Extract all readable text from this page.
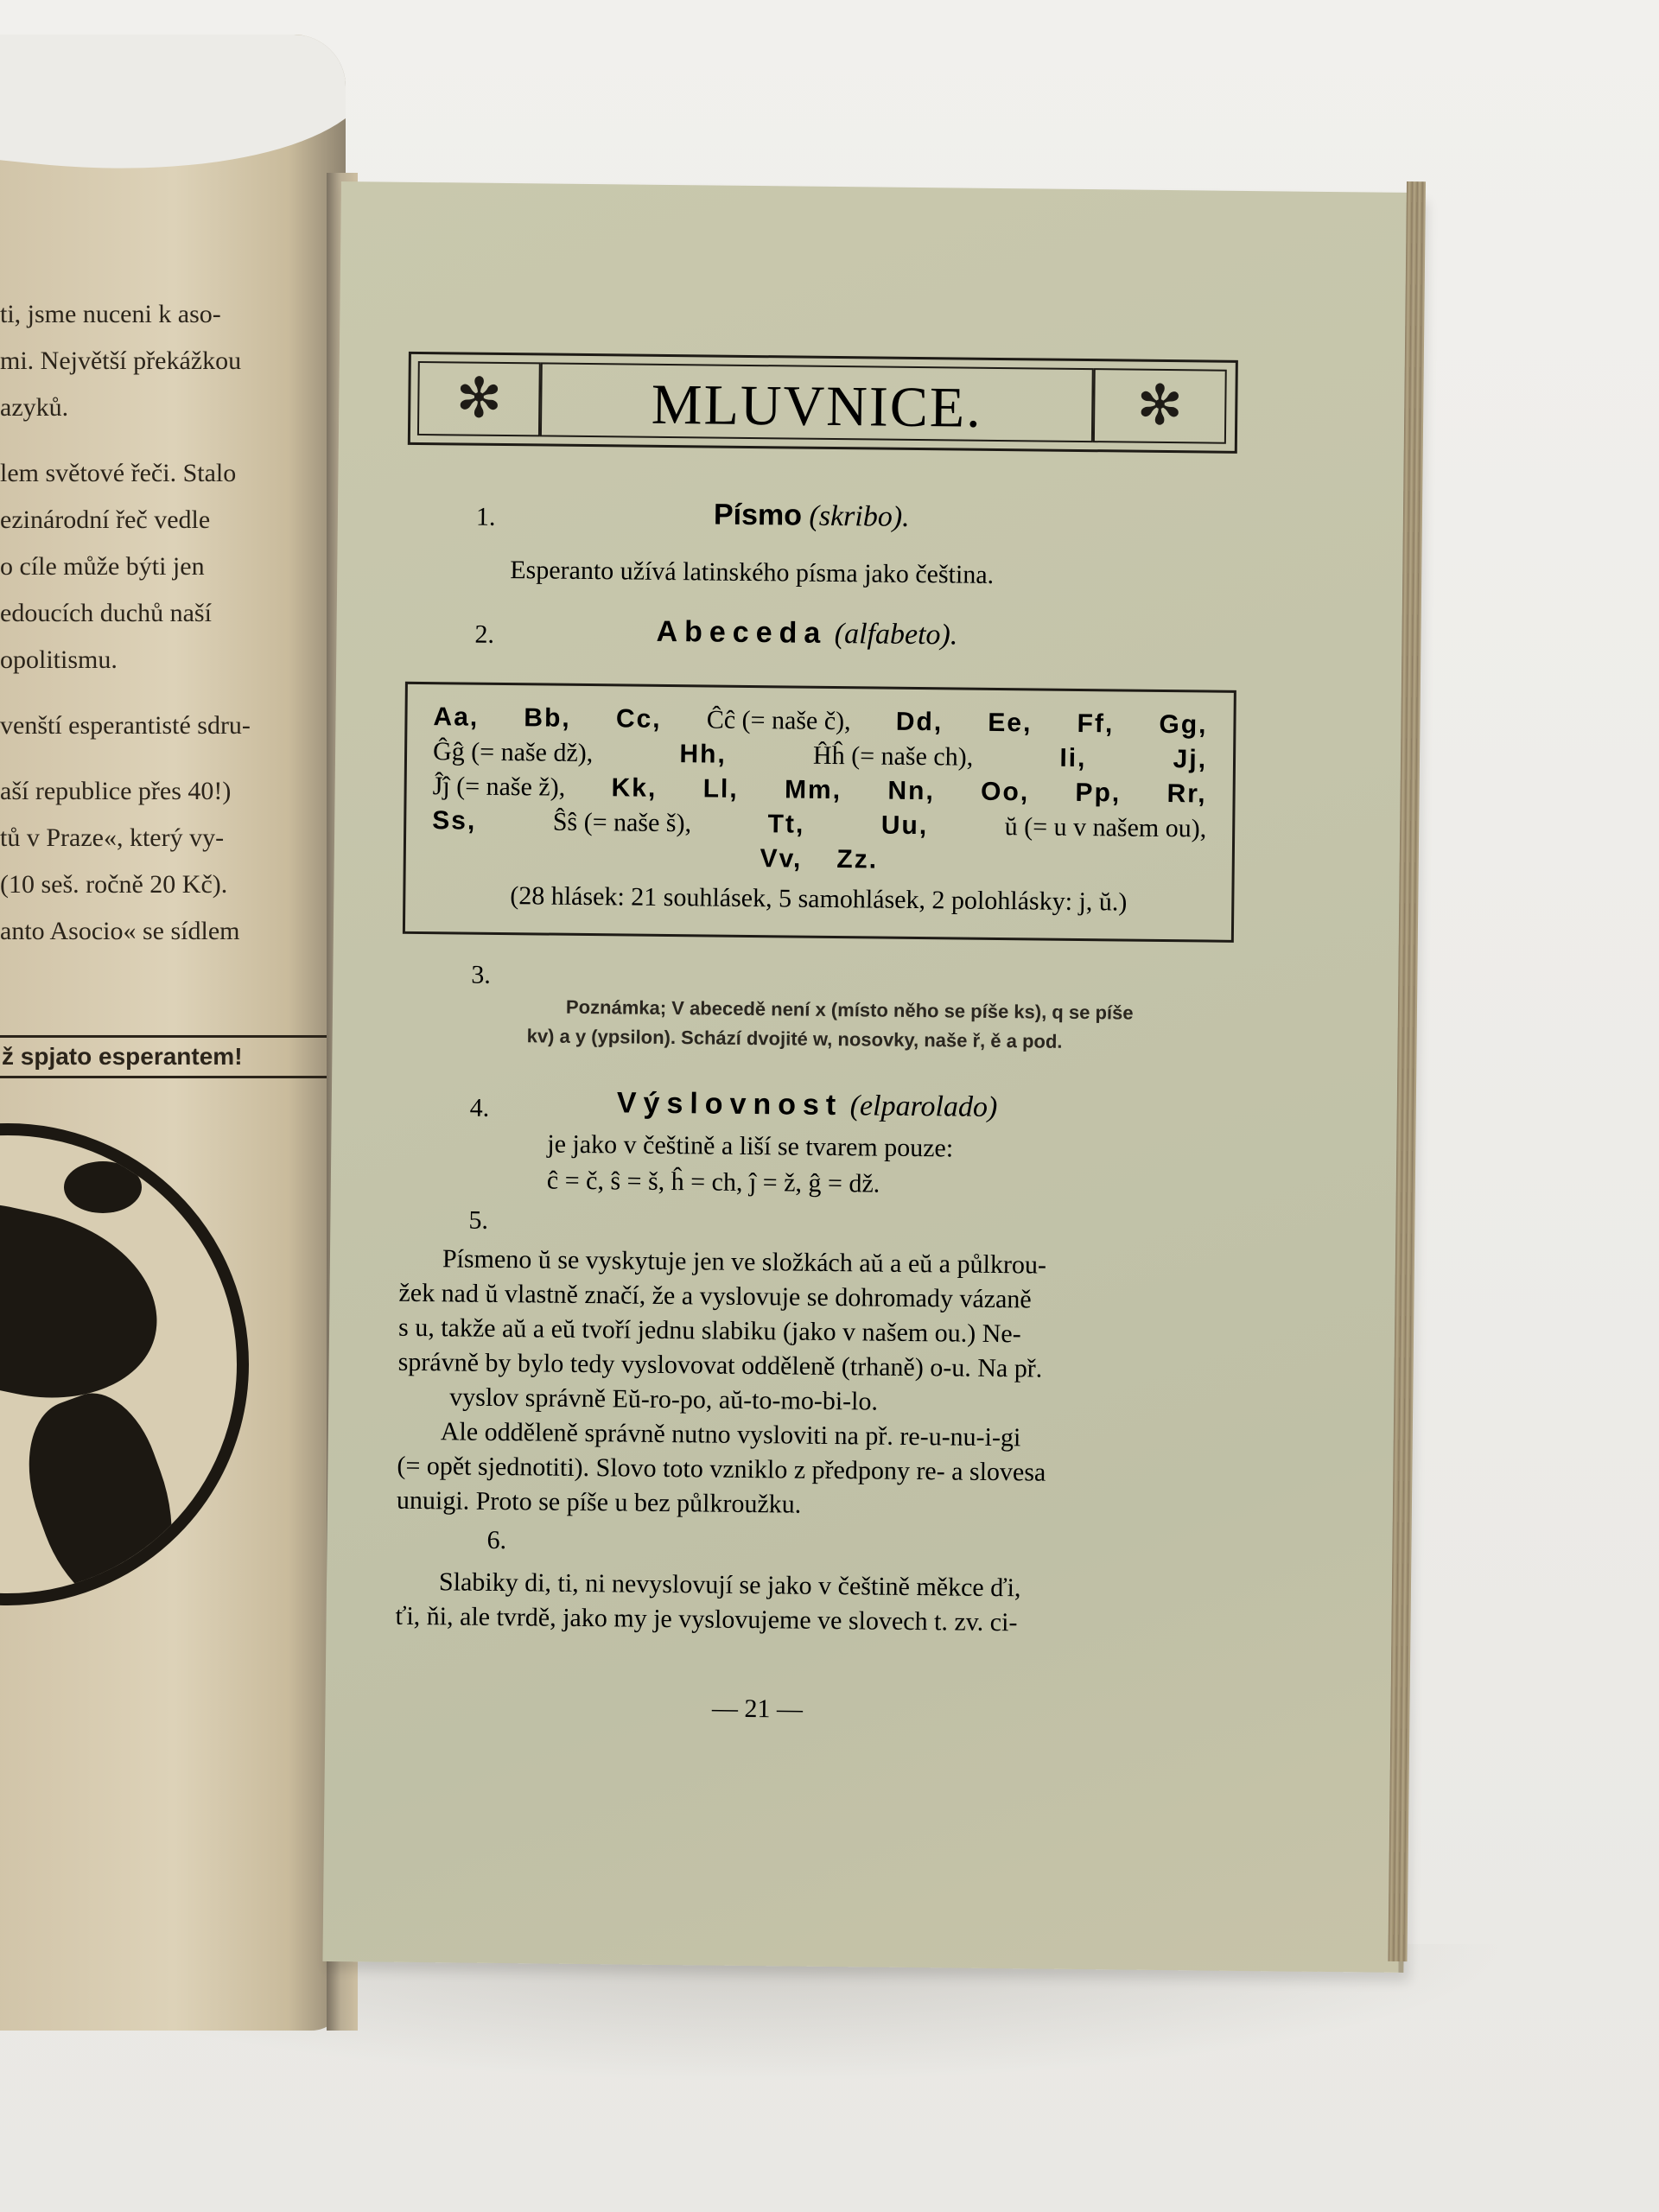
ti, jsme nuceni k aso-
mi. Největší překážkou
azyků.
lem světové řeči. Stalo
ezinárodní řeč vedle
o cíle může býti jen
edoucích duchů naší
opolitismu.
venští esperantisté sdru-
aší republice přes 40!)
tů v Praze«, který vy-
(10 seš. ročně 20 Kč).
anto Asocio« se sídlem
ž spjato esperantem!
✻	MLUVNICE.	✻
1.	Písmo (skribo).
Esperanto užívá latinského písma jako čeština.
2.	Abeceda (alfabeto).
Aa, Bb, Cc, Ĉĉ (= naše č), Dd, Ee, Ff, Gg,
Ĝĝ (= naše dž),	Hh,	Ĥĥ (= naše ch),	Ii,	Jj,
Ĵĵ (= naše ž), Kk, Ll, Mm, Nn, Oo, Pp, Rr,
Ss,	Ŝŝ (= naše š),	Tt,	Uu,	ŭ (= u v našem ou),
Vv, Zz.
(28 hlásek: 21 souhlásek, 5 samohlásek, 2 polohlásky: j, ŭ.)
3.
Poznámka; V abecedě není x (místo něho se píše ks), q se píše
kv) a y (ypsilon). Schází dvojité w, nosovky, naše ř, ě a pod.
4.	Výslovnost (elparolado)
je jako v češtině a liší se tvarem pouze:
ĉ = č, ŝ = š, ĥ = ch, ĵ = ž, ĝ = dž.
5.
Písmeno ŭ se vyskytuje jen ve složkách aŭ a eŭ a půlkrou-
žek nad ŭ vlastně značí, že a vyslovuje se dohromady vázaně
s u, takže aŭ a eŭ tvoří jednu slabiku (jako v našem ou.) Ne-
správně by bylo tedy vyslovovat odděleně (trhaně) o-u. Na př.
vyslov správně Eŭ-ro-po, aŭ-to-mo-bi-lo.
Ale odděleně správně nutno vysloviti na př. re-u-nu-i-gi
(= opět sjednotiti). Slovo toto vzniklo z předpony re- a slovesa
unuigi. Proto se píše u bez půlkroužku.
6.
Slabiky di, ti, ni nevyslovují se jako v češtině měkce ďi,
ťi, ňi, ale tvrdě, jako my je vyslovujeme ve slovech t. zv. ci-
— 21 —
